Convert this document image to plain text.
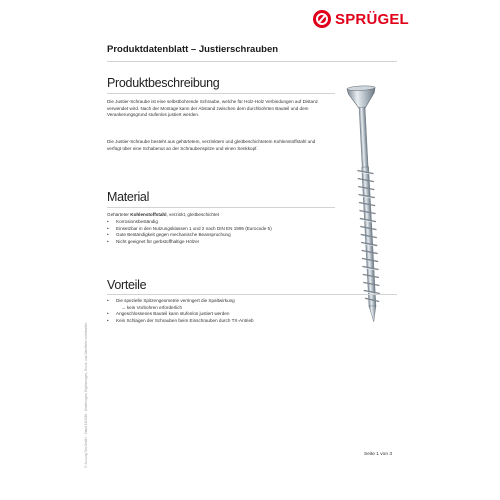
SPRÜGEL
Produktdatenblatt – Justierschrauben
Produktbeschreibung

Die Justier-Schraube ist eine selbstbohrende Schraube, welche für Holz-Holz Verbindungen auf Distanz verwendet wird. Nach der Montage kann der Abstand zwischen dem durchbohrten Bauteil und dem Verankerungsgrund stufenlos justiert werden.

Die Justier-Schraube besteht aus gehärtetem, verzinktem und gleitbeschichtetem Kohlenstoffstahl und verfügt über eine Schabenut an der Schraubenspitze und einen Senkkopf.

Material

Gehärteter Kohlenstoffstahl, verzinkt, gleitbeschichtet

• Korrosionsbeständig
• Einsetzbar in den Nutzungsklassen 1 und 2 nach DIN EN 1995 (Eurocode 5)
• Gute Beständigkeit gegen mechanische Beanspruchung
• Nicht geeignet für gerbstoffhaltige Hölzer
Vorteile
• Die spezielle Spitzengeometrie verringert die Spaltwirkung
→ kein Vorbohren erforderlich
• Angeschlossenes Bauteil kann stufenlos justiert werden
• Kein Schlagen der Schrauben beim Einschrauben durch TX-Antrieb
© Ju-Lung Tan GmbH · Stand 11/2016 · Änderungen, Ergänzungen, Druck- und Satzfehler vorbehalten	Seite 1 von 3
